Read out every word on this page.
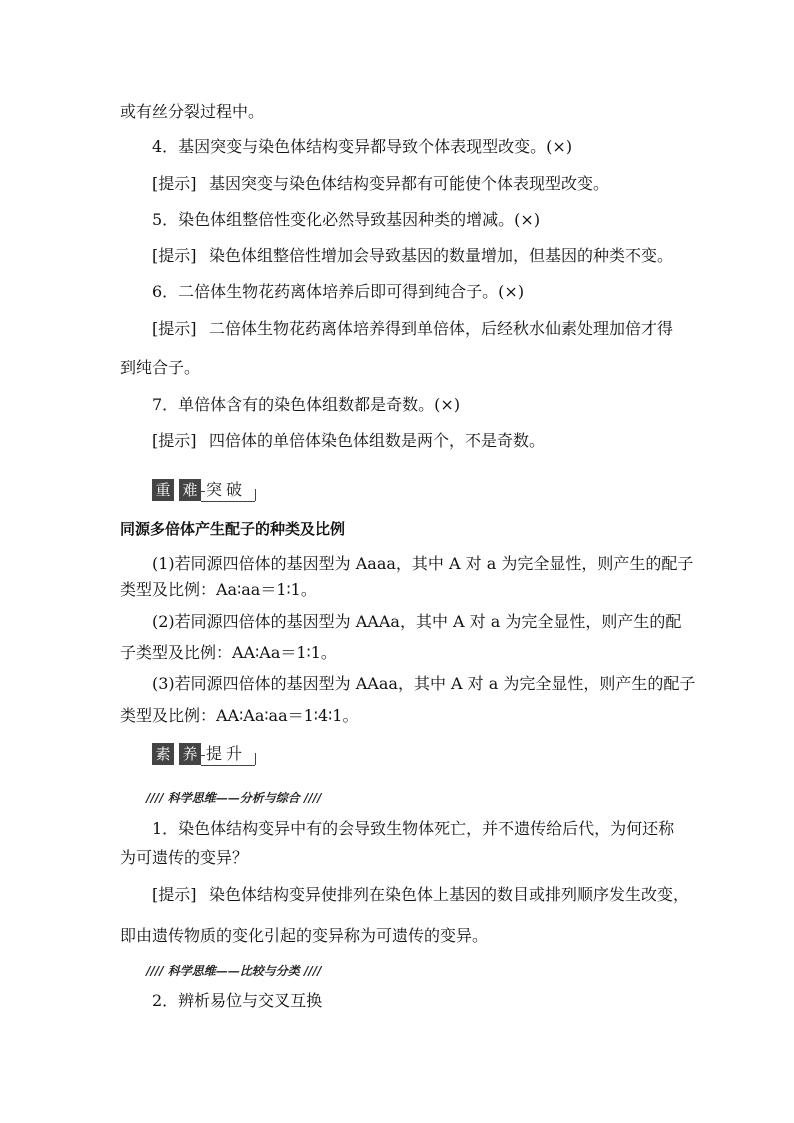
或有丝分裂过程中。
4．基因突变与染色体结构变异都导致个体表现型改变。(×)
[提示] 基因突变与染色体结构变异都有可能使个体表现型改变。
5．染色体组整倍性变化必然导致基因种类的增减。(×)
[提示] 染色体组整倍性增加会导致基因的数量增加，但基因的种类不变。
6．二倍体生物花药离体培养后即可得到纯合子。(×)
[提示] 二倍体生物花药离体培养得到单倍体，后经秋水仙素处理加倍才得
到纯合子。
7．单倍体含有的染色体组数都是奇数。(×)
[提示] 四倍体的单倍体染色体组数是两个，不是奇数。
重 难 突 破
同源多倍体产生配子的种类及比例
(1)若同源四倍体的基因型为 Aaaa，其中 A 对 a 为完全显性，则产生的配子
类型及比例：Aa∶aa＝1∶1。
(2)若同源四倍体的基因型为 AAAa，其中 A 对 a 为完全显性，则产生的配
子类型及比例：AA∶Aa＝1∶1。
(3)若同源四倍体的基因型为 AAaa，其中 A 对 a 为完全显性，则产生的配子
类型及比例：AA∶Aa∶aa＝1∶4∶1。
素 养 提 升
//// 科学思维——分析与综合 ////
1．染色体结构变异中有的会导致生物体死亡，并不遗传给后代，为何还称
为可遗传的变异？
[提示] 染色体结构变异使排列在染色体上基因的数目或排列顺序发生改变，
即由遗传物质的变化引起的变异称为可遗传的变异。
//// 科学思维——比较与分类 ////
2．辨析易位与交叉互换
